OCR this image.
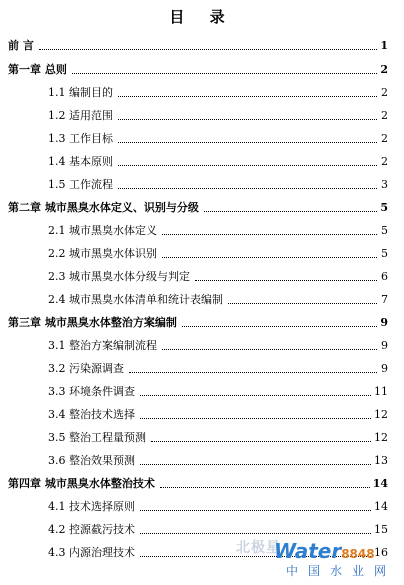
目 录
前 言	1
第一章 总则	2
1.1 编制目的	2
1.2 适用范围	2
1.3 工作目标	2
1.4 基本原则	2
1.5 工作流程	3
第二章 城市黑臭水体定义、识别与分级	5
2.1 城市黑臭水体定义	5
2.2 城市黑臭水体识别	5
2.3 城市黑臭水体分级与判定	6
2.4 城市黑臭水体清单和统计表编制	7
第三章 城市黑臭水体整治方案编制	9
3.1 整治方案编制流程	9
3.2 污染源调查	9
3.3 环境条件调查	11
3.4 整治技术选择	12
3.5 整治工程量预测	12
3.6 整治效果预测	13
第四章 城市黑臭水体整治技术	14
4.1 技术选择原则	14
4.2 控源截污技术	15
4.3 内源治理技术	16
北极星
Water8848
中国水业网
